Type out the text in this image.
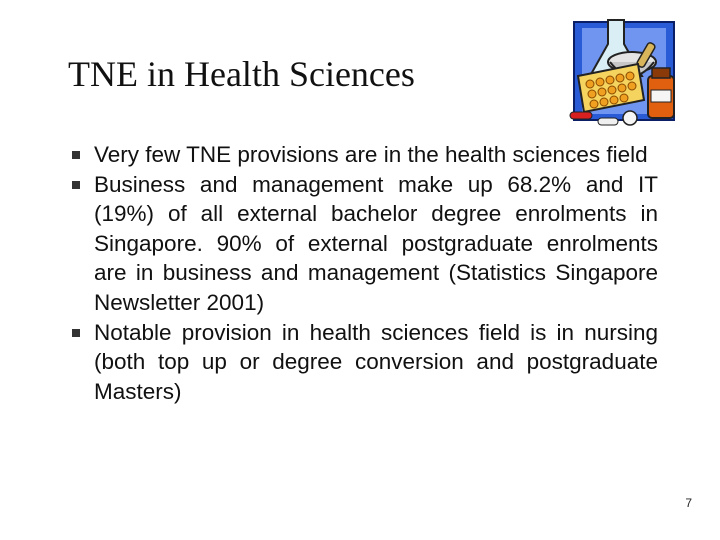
TNE in Health Sciences
Very few TNE provisions are in the health sciences field
Business and management make up 68.2% and IT (19%) of all external bachelor degree enrolments in Singapore. 90% of external postgraduate enrolments are in business and management (Statistics Singapore Newsletter 2001)
Notable provision in health sciences field is in nursing (both top up or degree conversion and postgraduate Masters)
7
